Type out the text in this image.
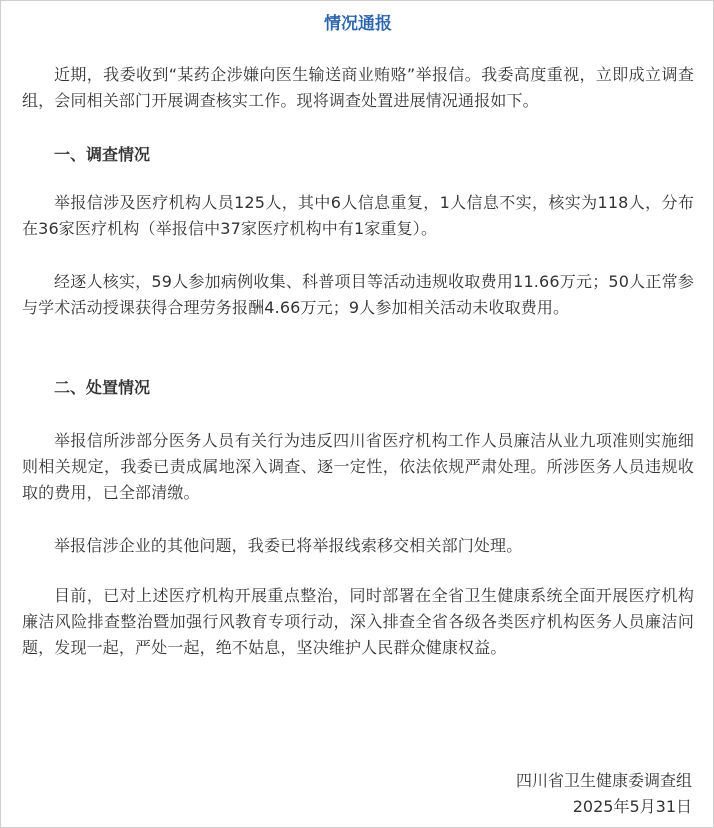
情况通报

近期，我委收到“某药企涉嫌向医生输送商业贿赂”举报信。我委高度重视，立即成立调查组，会同相关部门开展调查核实工作。现将调查处置进展情况通报如下。

一、调查情况

举报信涉及医疗机构人员125人，其中6人信息重复，1人信息不实，核实为118人，分布在36家医疗机构（举报信中37家医疗机构中有1家重复）。

经逐人核实，59人参加病例收集、科普项目等活动违规收取费用11.66万元；50人正常参与学术活动授课获得合理劳务报酬4.66万元；9人参加相关活动未收取费用。

二、处置情况

举报信所涉部分医务人员有关行为违反四川省医疗机构工作人员廉洁从业九项准则实施细则相关规定，我委已责成属地深入调查、逐一定性，依法依规严肃处理。所涉医务人员违规收取的费用，已全部清缴。

举报信涉企业的其他问题，我委已将举报线索移交相关部门处理。

目前，已对上述医疗机构开展重点整治，同时部署在全省卫生健康系统全面开展医疗机构廉洁风险排查整治暨加强行风教育专项行动，深入排查全省各级各类医疗机构医务人员廉洁问题，发现一起，严处一起，绝不姑息，坚决维护人民群众健康权益。

四川省卫生健康委调查组

2025年5月31日
